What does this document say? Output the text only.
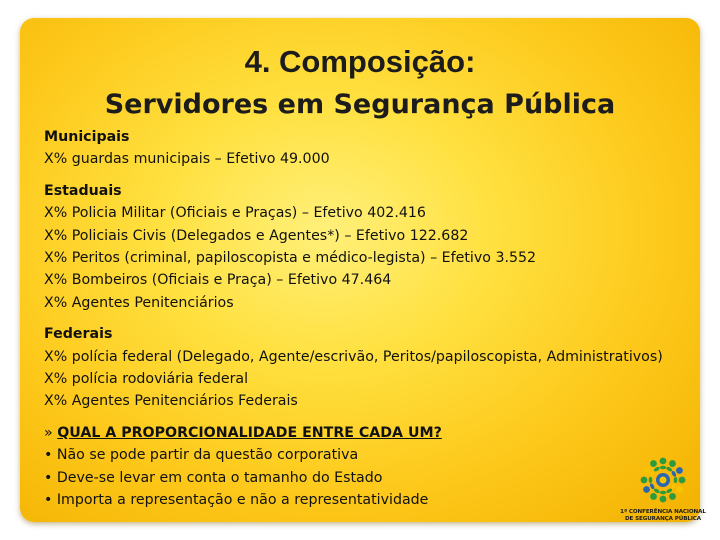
4. Composição:
Servidores em Segurança Pública
Municipais
X% guardas municipais – Efetivo 49.000
Estaduais
X% Policia Militar (Oficiais e Praças) – Efetivo 402.416
X% Policiais Civis (Delegados e Agentes*) – Efetivo 122.682
X% Peritos (criminal, papiloscopista e médico-legista) – Efetivo 3.552
X% Bombeiros (Oficiais e Praça) – Efetivo 47.464
X% Agentes Penitenciários
Federais
X% polícia federal (Delegado, Agente/escrivão, Peritos/papiloscopista, Administrativos)
X% polícia rodoviária federal
X% Agentes Penitenciários Federais
» QUAL A PROPORCIONALIDADE ENTRE CADA UM?
• Não se pode partir da questão corporativa
• Deve-se levar em conta o tamanho do Estado
• Importa a representação e não a representatividade
1ª CONFERÊNCIA NACIONAL
DE SEGURANÇA PÚBLICA
